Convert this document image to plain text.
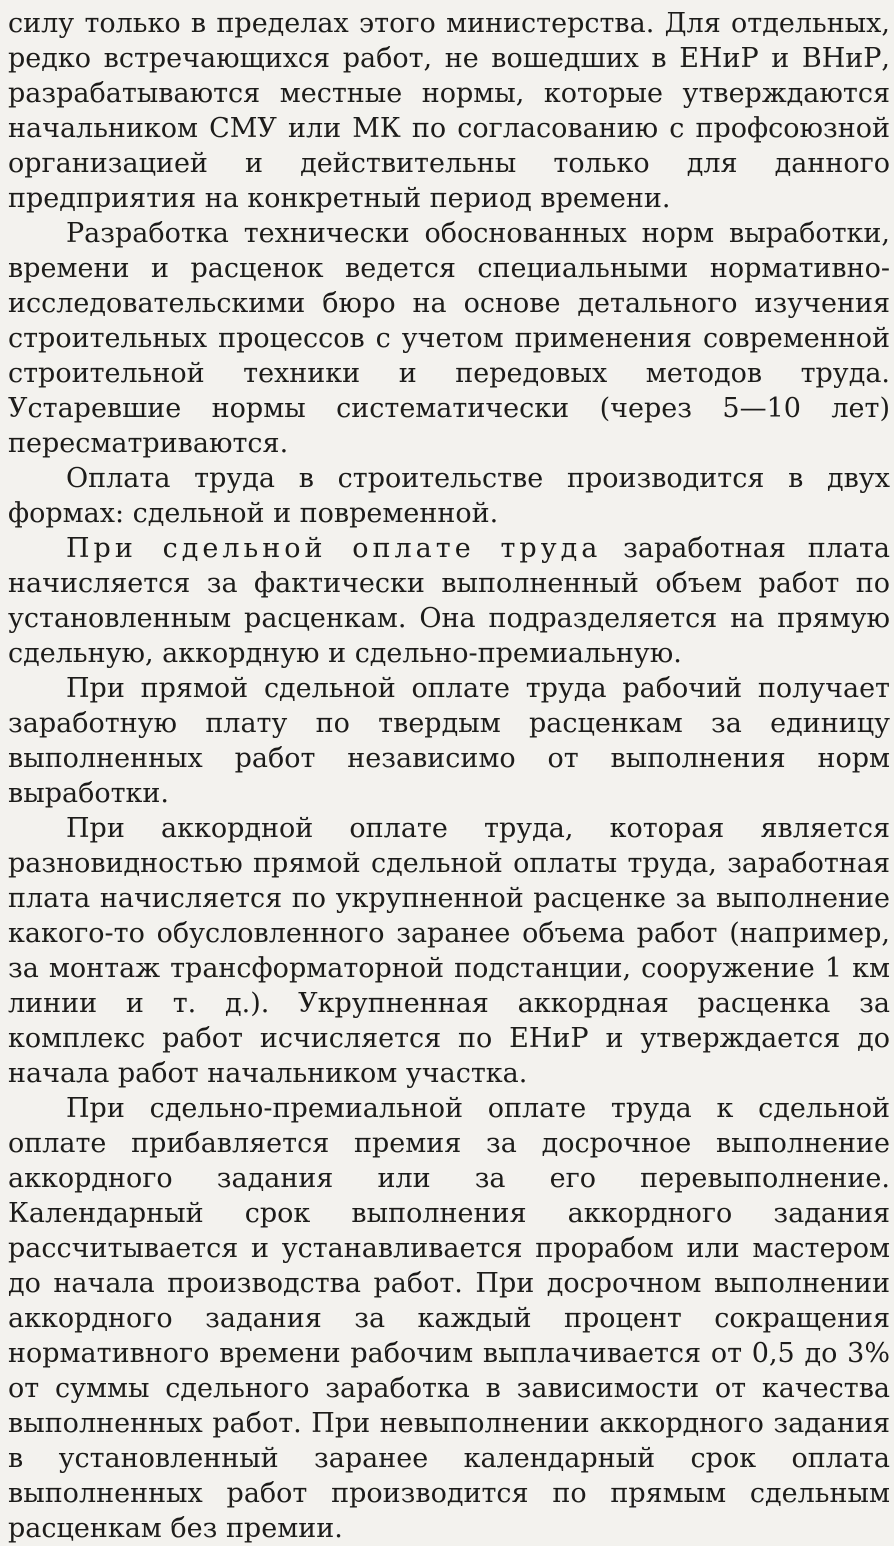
силу только в пределах этого министерства. Для отдельных, редко встречающихся работ, не вошедших в ЕНиР и ВНиР, разрабатываются местные нормы, которые утверждаются начальником СМУ или МК по согласованию с профсоюзной организацией и действительны только для данного предприятия на конкретный период времени.

Разработка технически обоснованных норм выработки, времени и расценок ведется специальными нормативно-исследовательскими бюро на основе детального изучения строительных процессов с учетом применения современной строительной техники и передовых методов труда. Устаревшие нормы систематически (через 5—10 лет) пересматриваются.

Оплата труда в строительстве производится в двух формах: сдельной и повременной.

При сдельной оплате труда заработная плата начисляется за фактически выполненный объем работ по установленным расценкам. Она подразделяется на прямую сдельную, аккордную и сдельно-премиальную.

При прямой сдельной оплате труда рабочий получает заработную плату по твердым расценкам за единицу выполненных работ независимо от выполнения норм выработки.

При аккордной оплате труда, которая является разновидностью прямой сдельной оплаты труда, заработная плата начисляется по укрупненной расценке за выполнение какого-то обусловленного заранее объема работ (например, за монтаж трансформаторной подстанции, сооружение 1 км линии и т. д.). Укрупненная аккордная расценка за комплекс работ исчисляется по ЕНиР и утверждается до начала работ начальником участка.

При сдельно-премиальной оплате труда к сдельной оплате прибавляется премия за досрочное выполнение аккордного задания или за его перевыполнение. Календарный срок выполнения аккордного задания рассчитывается и устанавливается прорабом или мастером до начала производства работ. При досрочном выполнении аккордного задания за каждый процент сокращения нормативного времени рабочим выплачивается от 0,5 до 3% от суммы сдельного заработка в зависимости от качества выполненных работ. При невыполнении аккордного задания в установленный заранее календарный срок оплата выполненных работ производится по прямым сдельным расценкам без премии.
